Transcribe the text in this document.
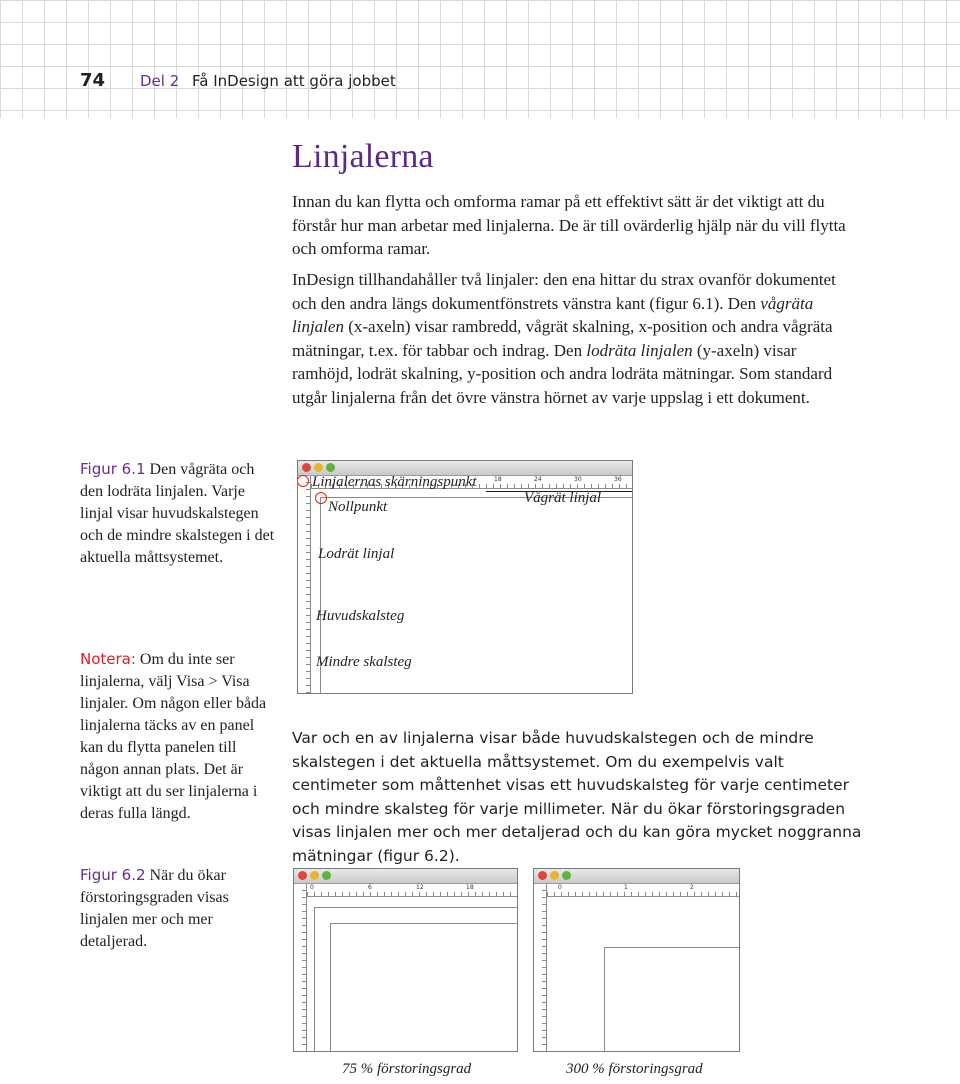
74 Del 2 Få InDesign att göra jobbet
Linjalerna

Innan du kan flytta och omforma ramar på ett effektivt sätt är det viktigt att du förstår hur man arbetar med linjalerna. De är till ovärderlig hjälp när du vill flytta och omforma ramar.

InDesign tillhandahåller två linjaler: den ena hittar du strax ovanför dokumentet och den andra längs dokumentfönstrets vänstra kant (figur 6.1). Den vågräta linjalen (x-axeln) visar rambredd, vågrät skalning, x-position och andra vågräta mätningar, t.ex. för tabbar och indrag. Den lodräta linjalen (y-axeln) visar ramhöjd, lodrät skalning, y-position och andra lodräta mätningar. Som standard utgår linjalerna från det övre vänstra hörnet av varje uppslag i ett dokument.

Figur 6.1 Den vågräta och den lodräta linjalen. Varje linjal visar huvudskalstegen och de mindre skalstegen i det aktuella måttsystemet.

Notera: Om du inte ser linjalerna, välj Visa > Visa linjaler. Om någon eller båda linjalerna täcks av en panel kan du flytta panelen till någon annan plats. Det är viktigt att du ser linjalerna i deras fulla längd.

Figur 6.2 När du ökar förstoringsgraden visas linjalen mer och mer detaljerad.

18	24	30	36
Linjalernas skärningspunkt
Nollpunkt
Vågrät linjal
Lodrät linjal
Huvudskalsteg
Mindre skalsteg

Var och en av linjalerna visar både huvudskalstegen och de mindre skalstegen i det aktuella måttsystemet. Om du exempelvis valt centimeter som måttenhet visas ett huvudskalsteg för varje centimeter och mindre skalsteg för varje millimeter. När du ökar förstoringsgraden visas linjalen mer och mer detaljerad och du kan göra mycket noggranna mätningar (figur 6.2).

0	6	12	18	0	1	2
75 % förstoringsgrad	300 % förstoringsgrad
